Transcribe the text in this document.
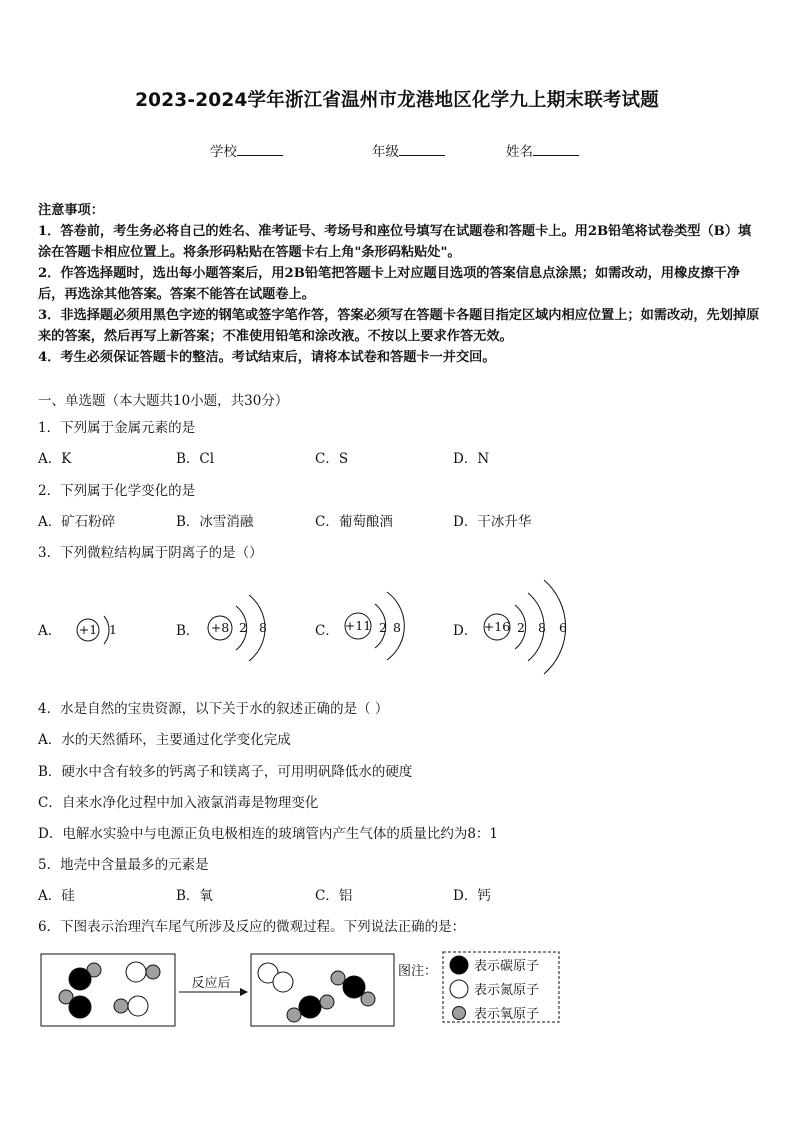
2023-2024学年浙江省温州市龙港地区化学九上期末联考试题
学校	年级	姓名
注意事项：
1．答卷前，考生务必将自己的姓名、准考证号、考场号和座位号填写在试题卷和答题卡上。用2B铅笔将试卷类型（B）填涂在答题卡相应位置上。将条形码粘贴在答题卡右上角"条形码粘贴处"。
2．作答选择题时，选出每小题答案后，用2B铅笔把答题卡上对应题目选项的答案信息点涂黑；如需改动，用橡皮擦干净后，再选涂其他答案。答案不能答在试题卷上。
3．非选择题必须用黑色字迹的钢笔或签字笔作答，答案必须写在答题卡各题目指定区域内相应位置上；如需改动，先划掉原来的答案，然后再写上新答案；不准使用铅笔和涂改液。不按以上要求作答无效。
4．考生必须保证答题卡的整洁。考试结束后，请将本试卷和答题卡一并交回。
一、单选题（本大题共10小题，共30分）
1．下列属于金属元素的是
A．K	B．Cl	C．S	D．N
2．下列属于化学变化的是
A．矿石粉碎	B．冰雪消融	C．葡萄酿酒	D．干冰升华
3．下列微粒结构属于阴离子的是（）
A．	B．	C．	D．
+1 1	+8 2 8	+11 2 8	+16 2 8 6
4．水是自然的宝贵资源，以下关于水的叙述正确的是（ ）
A．水的天然循环，主要通过化学变化完成
B．硬水中含有较多的钙离子和镁离子，可用明矾降低水的硬度
C．自来水净化过程中加入液氯消毒是物理变化
D．电解水实验中与电源正负电极相连的玻璃管内产生气体的质量比约为8：1
5．地壳中含量最多的元素是
A．硅	B．氧	C．铝	D．钙
6．下图表示治理汽车尾气所涉及反应的微观过程。下列说法正确的是：
反应后
图注：	表示碳原子
表示氮原子
表示氧原子
